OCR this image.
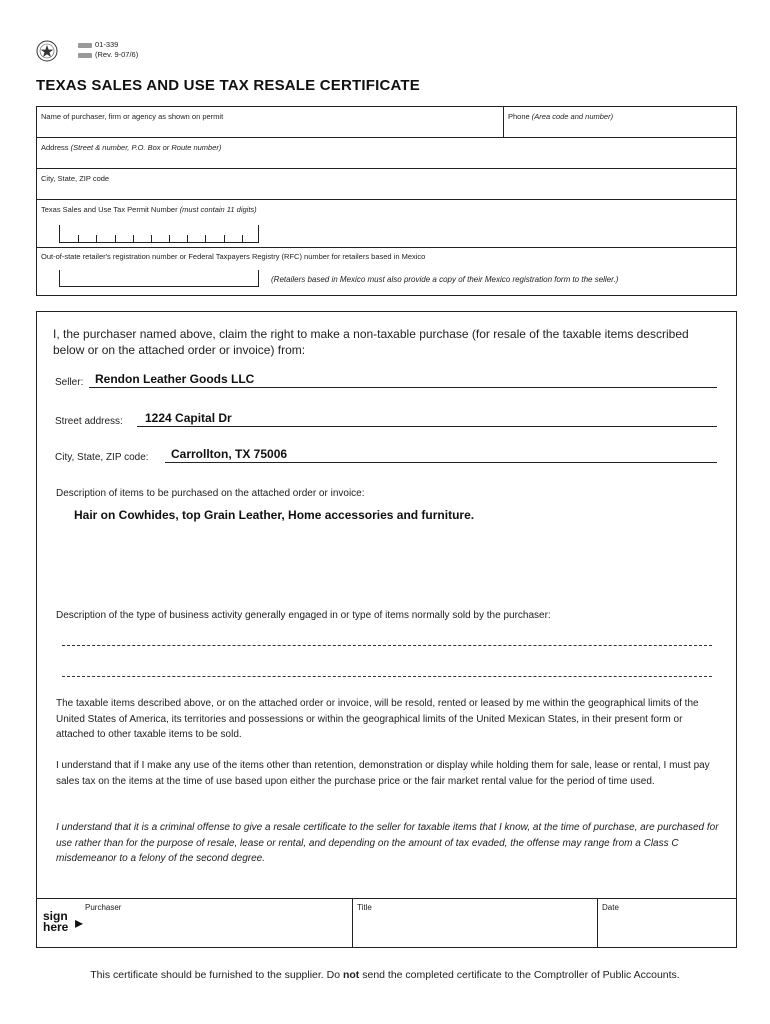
01-339
(Rev. 9-07/6)
TEXAS SALES AND USE TAX RESALE CERTIFICATE
Name of purchaser, firm or agency as shown on permit	Phone (Area code and number)
Address (Street & number, P.O. Box or Route number)
City, State, ZIP code
Texas Sales and Use Tax Permit Number (must contain 11 digits)
Out-of-state retailer's registration number or Federal Taxpayers Registry (RFC) number for retailers based in Mexico
(Retailers based in Mexico must also provide a copy of their Mexico registration form to the seller.)
I, the purchaser named above, claim the right to make a non-taxable purchase (for resale of the taxable items described below or on the attached order or invoice) from:
Seller: Rendon Leather Goods LLC
Street address: 1224 Capital Dr
City, State, ZIP code: Carrollton, TX 75006
Description of items to be purchased on the attached order or invoice:
Hair on Cowhides, top Grain Leather, Home accessories and furniture.
Description of the type of business activity generally engaged in or type of items normally sold by the purchaser:
The taxable items described above, or on the attached order or invoice, will be resold, rented or leased by me within the geographical limits of the United States of America, its territories and possessions or within the geographical limits of the United Mexican States, in their present form or attached to other taxable items to be sold.
I understand that if I make any use of the items other than retention, demonstration or display while holding them for sale, lease or rental, I must pay sales tax on the items at the time of use based upon either the purchase price or the fair market rental value for the period of time used.
I understand that it is a criminal offense to give a resale certificate to the seller for taxable items that I know, at the time of purchase, are purchased for use rather than for the purpose of resale, lease or rental, and depending on the amount of tax evaded, the offense may range from a Class C misdemeanor to a felony of the second degree.
sign
here ▸
Purchaser	Title	Date
This certificate should be furnished to the supplier. Do not send the completed certificate to the Comptroller of Public Accounts.
